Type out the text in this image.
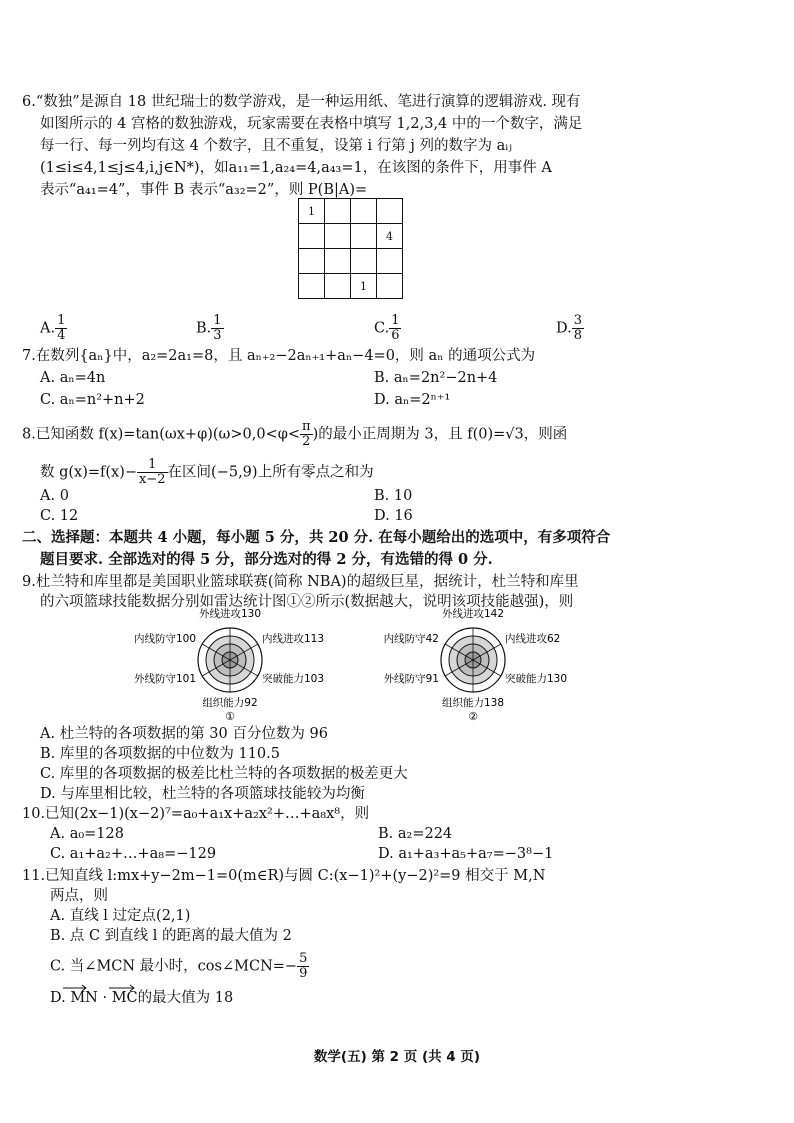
6.“数独”是源自 18 世纪瑞士的数学游戏，是一种运用纸、笔进行演算的逻辑游戏. 现有
如图所示的 4 宫格的数独游戏，玩家需要在表格中填写 1,2,3,4 中的一个数字，满足
每一行、每一列均有这 4 个数字，且不重复，设第 i 行第 j 列的数字为 aᵢⱼ
(1≤i≤4,1≤j≤4,i,j∈N*)，如a₁₁=1,a₂₄=4,a₄₃=1，在该图的条件下，用事件 A
表示“a₄₁=4”，事件 B 表示“a₃₂=2”，则 P(B|A)=
1			
			4

		1	
A. $\frac{1}{4}$	B. $\frac{1}{3}$	C. $\frac{1}{6}$	D. $\frac{3}{8}$
7.在数列{aₙ}中，a₂=2a₁=8，且 aₙ₊₂−2aₙ₊₁+aₙ−4=0，则 aₙ 的通项公式为
A. aₙ=4n	B. aₙ=2n²−2n+4
C. aₙ=n²+n+2	D. aₙ=2ⁿ⁺¹
8.已知函数 $f(x)=\tan(\omega x+\varphi)(\omega>0,0<\varphi< \frac{\pi}{2}$ )的最小正周期为 3，且 f(0)=√3，则函
数 $g(x)=f(x)- \frac{1}{x-2}$ 在区间(−5,9)上所有零点之和为
A. 0	B. 10
C. 12	D. 16
二、选择题：本题共 4 小题，每小题 5 分，共 20 分. 在每小题给出的选项中，有多项符合
题目要求. 全部选对的得 5 分，部分选对的得 2 分，有选错的得 0 分.
9.杜兰特和库里都是美国职业篮球联赛(简称 NBA)的超级巨星，据统计，杜兰特和库里
的六项篮球技能数据分别如雷达统计图①②所示(数据越大，说明该项技能越强)，则
外线进攻130
内线防守100	内线进攻113
外线防守101	突破能力103
组织能力92
①
外线进攻142
内线防守42	内线进攻62
外线防守91	突破能力130
组织能力138
②
A. 杜兰特的各项数据的第 30 百分位数为 96
B. 库里的各项数据的中位数为 110.5
C. 库里的各项数据的极差比杜兰特的各项数据的极差更大
D. 与库里相比较，杜兰特的各项篮球技能较为均衡
10.已知(2x−1)(x−2)⁷=a₀+a₁x+a₂x²+…+a₈x⁸，则
A. a₀=128	B. a₂=224
C. a₁+a₂+…+a₈=−129	D. a₁+a₃+a₅+a₇=−3⁸−1
11.已知直线 l:mx+y−2m−1=0(m∈R)与圆 C:(x−1)²+(y−2)²=9 相交于 M,N
两点，则
A. 直线 l 过定点(2,1)
B. 点 C 到直线 l 的距离的最大值为 2
C. 当∠MCN 最小时，cos∠MCN=− $\frac{5}{9}$
D. MN · MC的最大值为 18
数学(五) 第 2 页 (共 4 页)
